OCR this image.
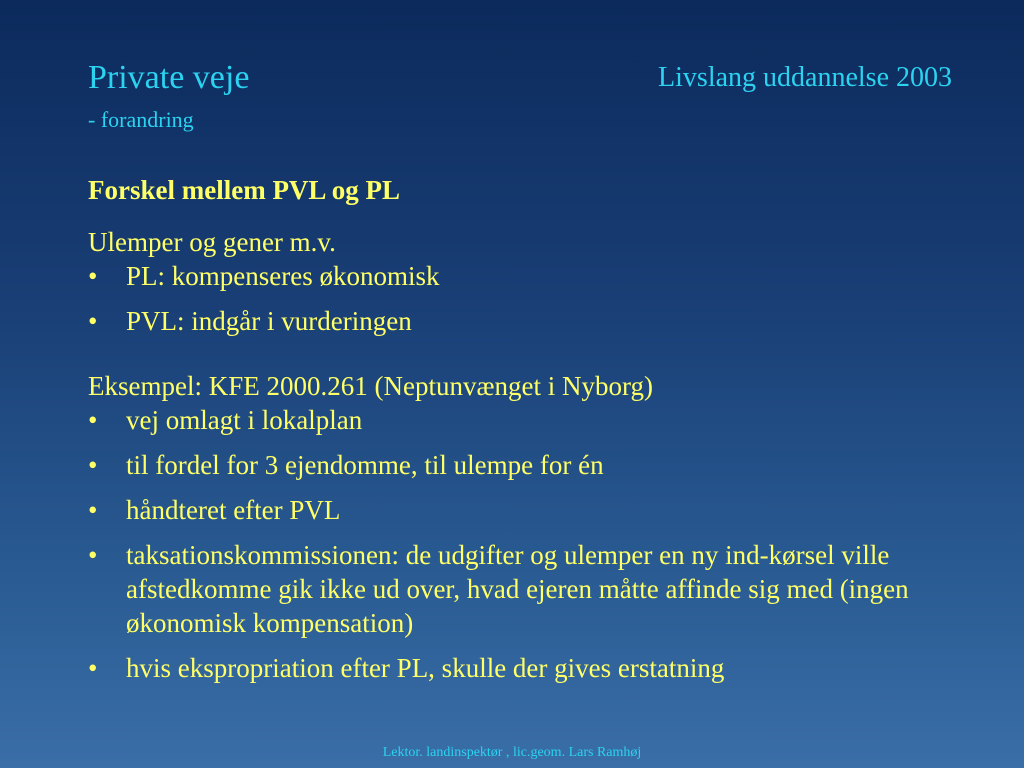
Private veje
- forandring
Livslang uddannelse 2003
Forskel mellem PVL og PL
Ulemper og gener m.v.
•	PL: kompenseres økonomisk
•	PVL: indgår i vurderingen
Eksempel: KFE 2000.261 (Neptunvænget i Nyborg)
•	vej omlagt i lokalplan
•	til fordel for 3 ejendomme, til ulempe for én
•	håndteret efter PVL
•	taksationskommissionen: de udgifter og ulemper en ny ind-kørsel ville afstedkomme gik ikke ud over, hvad ejeren måtte affinde sig med (ingen økonomisk kompensation)
•	hvis ekspropriation efter PL, skulle der gives erstatning
Lektor. landinspektør , lic.geom. Lars Ramhøj
